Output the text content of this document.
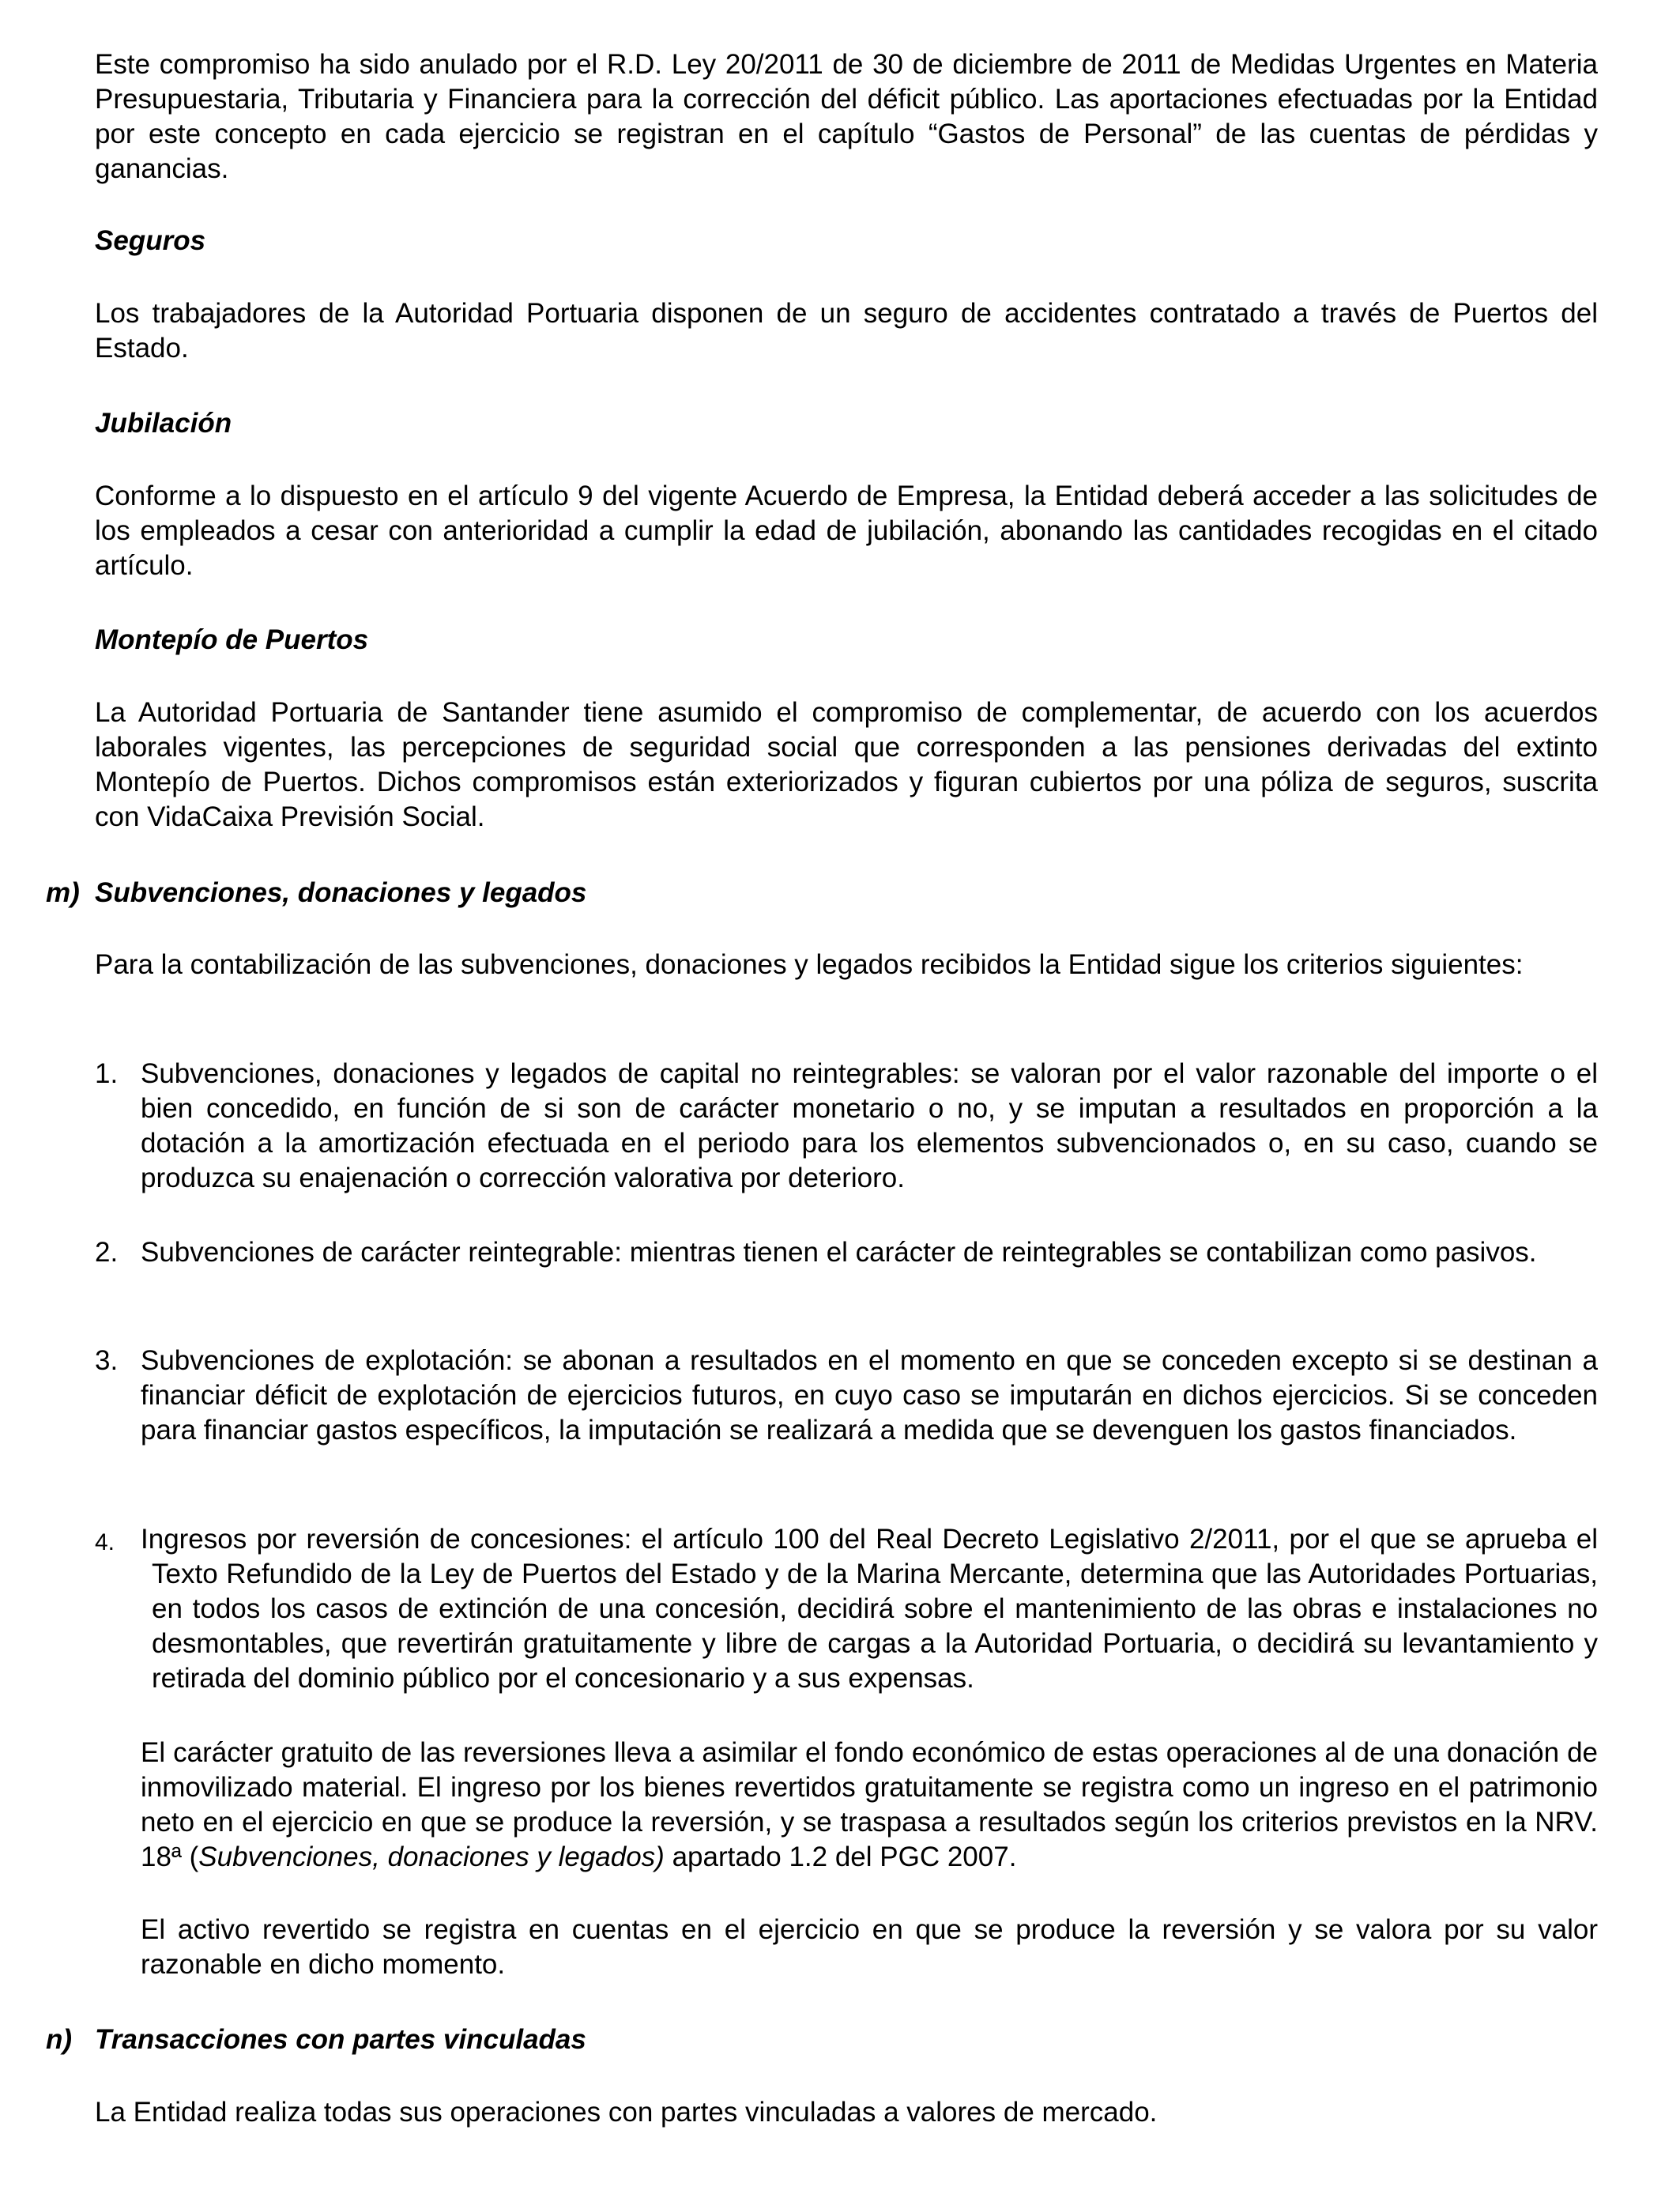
Este compromiso ha sido anulado por el R.D. Ley 20/2011 de 30 de diciembre de 2011 de Medidas Urgentes en Materia Presupuestaria, Tributaria y Financiera para la corrección del déficit público. Las aportaciones efectuadas por la Entidad por este concepto en cada ejercicio se registran en el capítulo “Gastos de Personal” de las cuentas de pérdidas y ganancias.

Seguros

Los trabajadores de la Autoridad Portuaria disponen de un seguro de accidentes contratado a través de Puertos del Estado.

Jubilación

Conforme a lo dispuesto en el artículo 9 del vigente Acuerdo de Empresa, la Entidad deberá acceder a las solicitudes de los empleados a cesar con anterioridad a cumplir la edad de jubilación, abonando las cantidades recogidas en el citado artículo.

Montepío de Puertos

La Autoridad Portuaria de Santander tiene asumido el compromiso de complementar, de acuerdo con los acuerdos laborales vigentes, las percepciones de seguridad social que corresponden a las pensiones derivadas del extinto Montepío de Puertos. Dichos compromisos están exteriorizados y figuran cubiertos por una póliza de seguros, suscrita con VidaCaixa Previsión Social.

m) Subvenciones, donaciones y legados

Para la contabilización de las subvenciones, donaciones y legados recibidos la Entidad sigue los criterios siguientes:

1. Subvenciones, donaciones y legados de capital no reintegrables: se valoran por el valor razonable del importe o el bien concedido, en función de si son de carácter monetario o no, y se imputan a resultados en proporción a la dotación a la amortización efectuada en el periodo para los elementos subvencionados o, en su caso, cuando se produzca su enajenación o corrección valorativa por deterioro.
2. Subvenciones de carácter reintegrable: mientras tienen el carácter de reintegrables se contabilizan como pasivos.
3. Subvenciones de explotación: se abonan a resultados en el momento en que se conceden excepto si se destinan a financiar déficit de explotación de ejercicios futuros, en cuyo caso se imputarán en dichos ejercicios. Si se conceden para financiar gastos específicos, la imputación se realizará a medida que se devenguen los gastos financiados.
4. Ingresos por reversión de concesiones: el artículo 100 del Real Decreto Legislativo 2/2011, por el que se aprueba el Texto Refundido de la Ley de Puertos del Estado y de la Marina Mercante, determina que las Autoridades Portuarias, en todos los casos de extinción de una concesión, decidirá sobre el mantenimiento de las obras e instalaciones no desmontables, que revertirán gratuitamente y libre de cargas a la Autoridad Portuaria, o decidirá su levantamiento y retirada del dominio público por el concesionario y a sus expensas.

El carácter gratuito de las reversiones lleva a asimilar el fondo económico de estas operaciones al de una donación de inmovilizado material. El ingreso por los bienes revertidos gratuitamente se registra como un ingreso en el patrimonio neto en el ejercicio en que se produce la reversión, y se traspasa a resultados según los criterios previstos en la NRV. 18ª (Subvenciones, donaciones y legados) apartado 1.2 del PGC 2007.

El activo revertido se registra en cuentas en el ejercicio en que se produce la reversión y se valora por su valor razonable en dicho momento.

n) Transacciones con partes vinculadas

La Entidad realiza todas sus operaciones con partes vinculadas a valores de mercado.
